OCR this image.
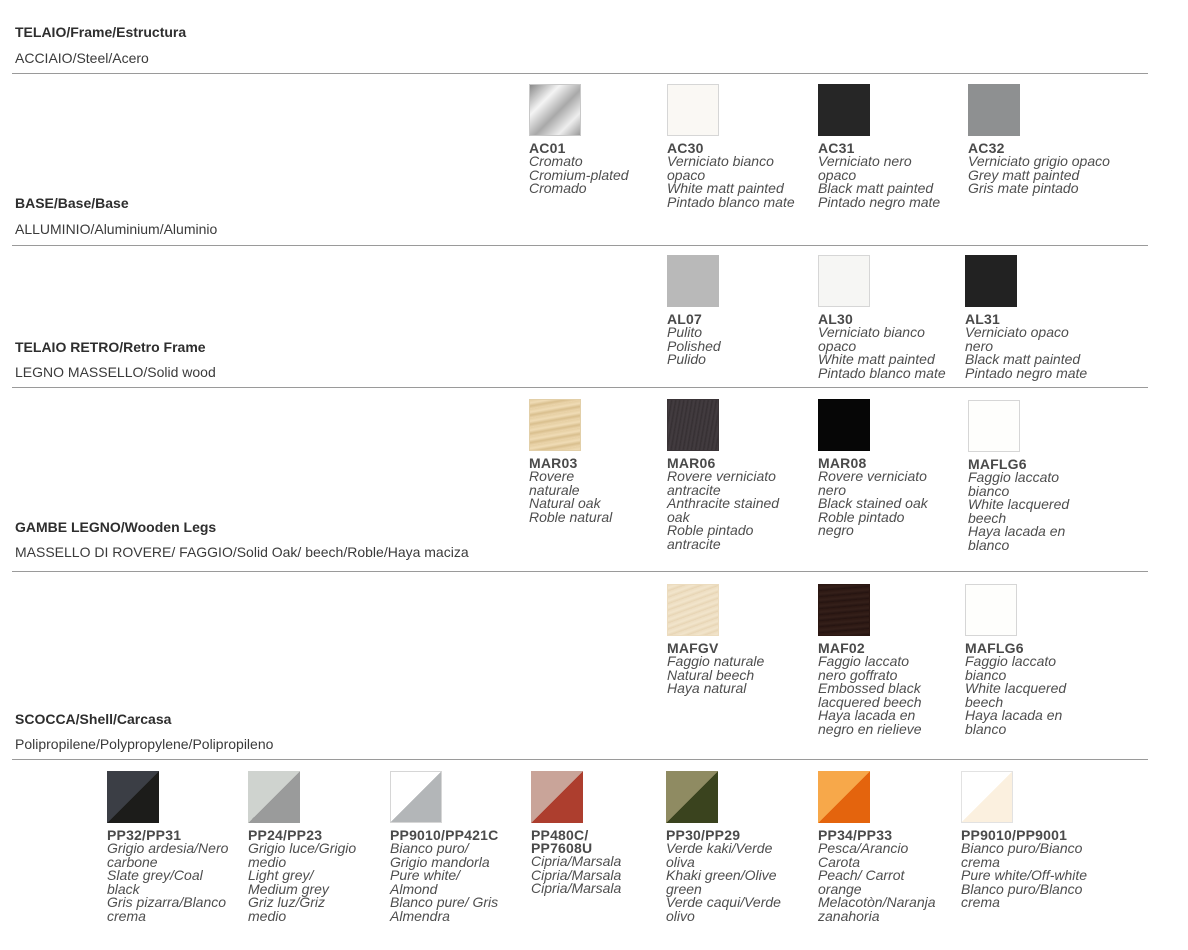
TELAIO/Frame/Estructura
ACCIAIO/Steel/Acero
BASE/Base/Base
ALLUMINIO/Aluminium/Aluminio
TELAIO RETRO/Retro Frame
LEGNO MASSELLO/Solid wood
GAMBE LEGNO/Wooden Legs
MASSELLO DI ROVERE/ FAGGIO/Solid Oak/ beech/Roble/Haya maciza
SCOCCA/Shell/Carcasa
Polipropilene/Polypropylene/Polipropileno
AC01
Cromato
Cromium-plated
Cromado
AC30
Verniciato bianco
opaco
White matt painted
Pintado blanco mate
AC31
Verniciato nero
opaco
Black matt painted
Pintado negro mate
AC32
Verniciato grigio opaco
Grey matt painted
Gris mate pintado
AL07
Pulito
Polished
Pulido
AL30
Verniciato bianco
opaco
White matt painted
Pintado blanco mate
AL31
Verniciato opaco
nero
Black matt painted
Pintado negro mate
MAR03
Rovere
naturale
Natural oak
Roble natural
MAR06
Rovere verniciato
antracite
Anthracite stained
oak
Roble pintado
antracite
MAR08
Rovere verniciato
nero
Black stained oak
Roble pintado
negro
MAFLG6
Faggio laccato
bianco
White lacquered
beech
Haya lacada en
blanco
MAFGV
Faggio naturale
Natural beech
Haya natural
MAF02
Faggio laccato
nero goffrato
Embossed black
lacquered beech
Haya lacada en
negro en rielieve
MAFLG6
Faggio laccato
bianco
White lacquered
beech
Haya lacada en
blanco
PP32/PP31
Grigio ardesia/Nero
carbone
Slate grey/Coal
black
Gris pizarra/Blanco
crema
PP24/PP23
Grigio luce/Grigio
medio
Light grey/
Medium grey
Griz luz/Griz
medio
PP9010/PP421C
Bianco puro/
Grigio mandorla
Pure white/
Almond
Blanco pure/ Gris
Almendra
PP480C/
PP7608U
Cipria/Marsala
Cipria/Marsala
Cipria/Marsala
PP30/PP29
Verde kaki/Verde
oliva
Khaki green/Olive
green
Verde caqui/Verde
olivo
PP34/PP33
Pesca/Arancio
Carota
Peach/ Carrot
orange
Melacotòn/Naranja
zanahoria
PP9010/PP9001
Bianco puro/Bianco
crema
Pure white/Off-white
Blanco puro/Blanco
crema
